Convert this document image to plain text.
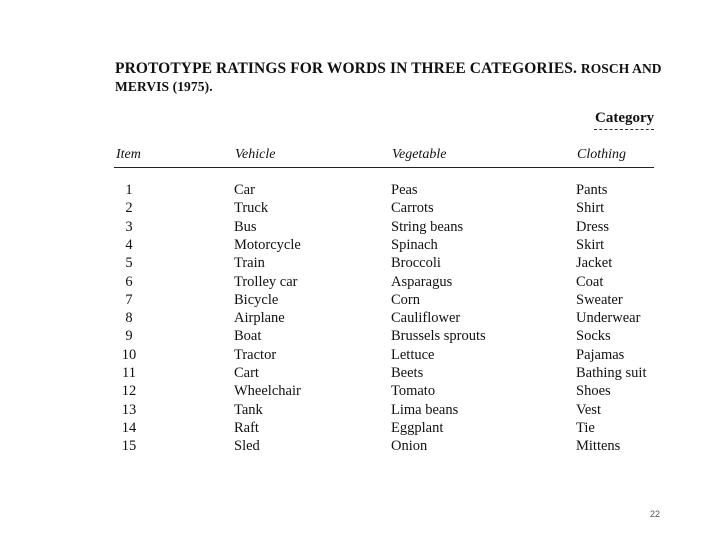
PROTOTYPE RATINGS FOR WORDS IN THREE CATEGORIES. ROSCH AND
MERVIS (1975).
Category
Item	Vehicle	Vegetable	Clothing
1	Car	Peas	Pants
2	Truck	Carrots	Shirt
3	Bus	String beans	Dress
4	Motorcycle	Spinach	Skirt
5	Train	Broccoli	Jacket
6	Trolley car	Asparagus	Coat
7	Bicycle	Corn	Sweater
8	Airplane	Cauliflower	Underwear
9	Boat	Brussels sprouts	Socks
10	Tractor	Lettuce	Pajamas
11	Cart	Beets	Bathing suit
12	Wheelchair	Tomato	Shoes
13	Tank	Lima beans	Vest
14	Raft	Eggplant	Tie
15	Sled	Onion	Mittens
22
